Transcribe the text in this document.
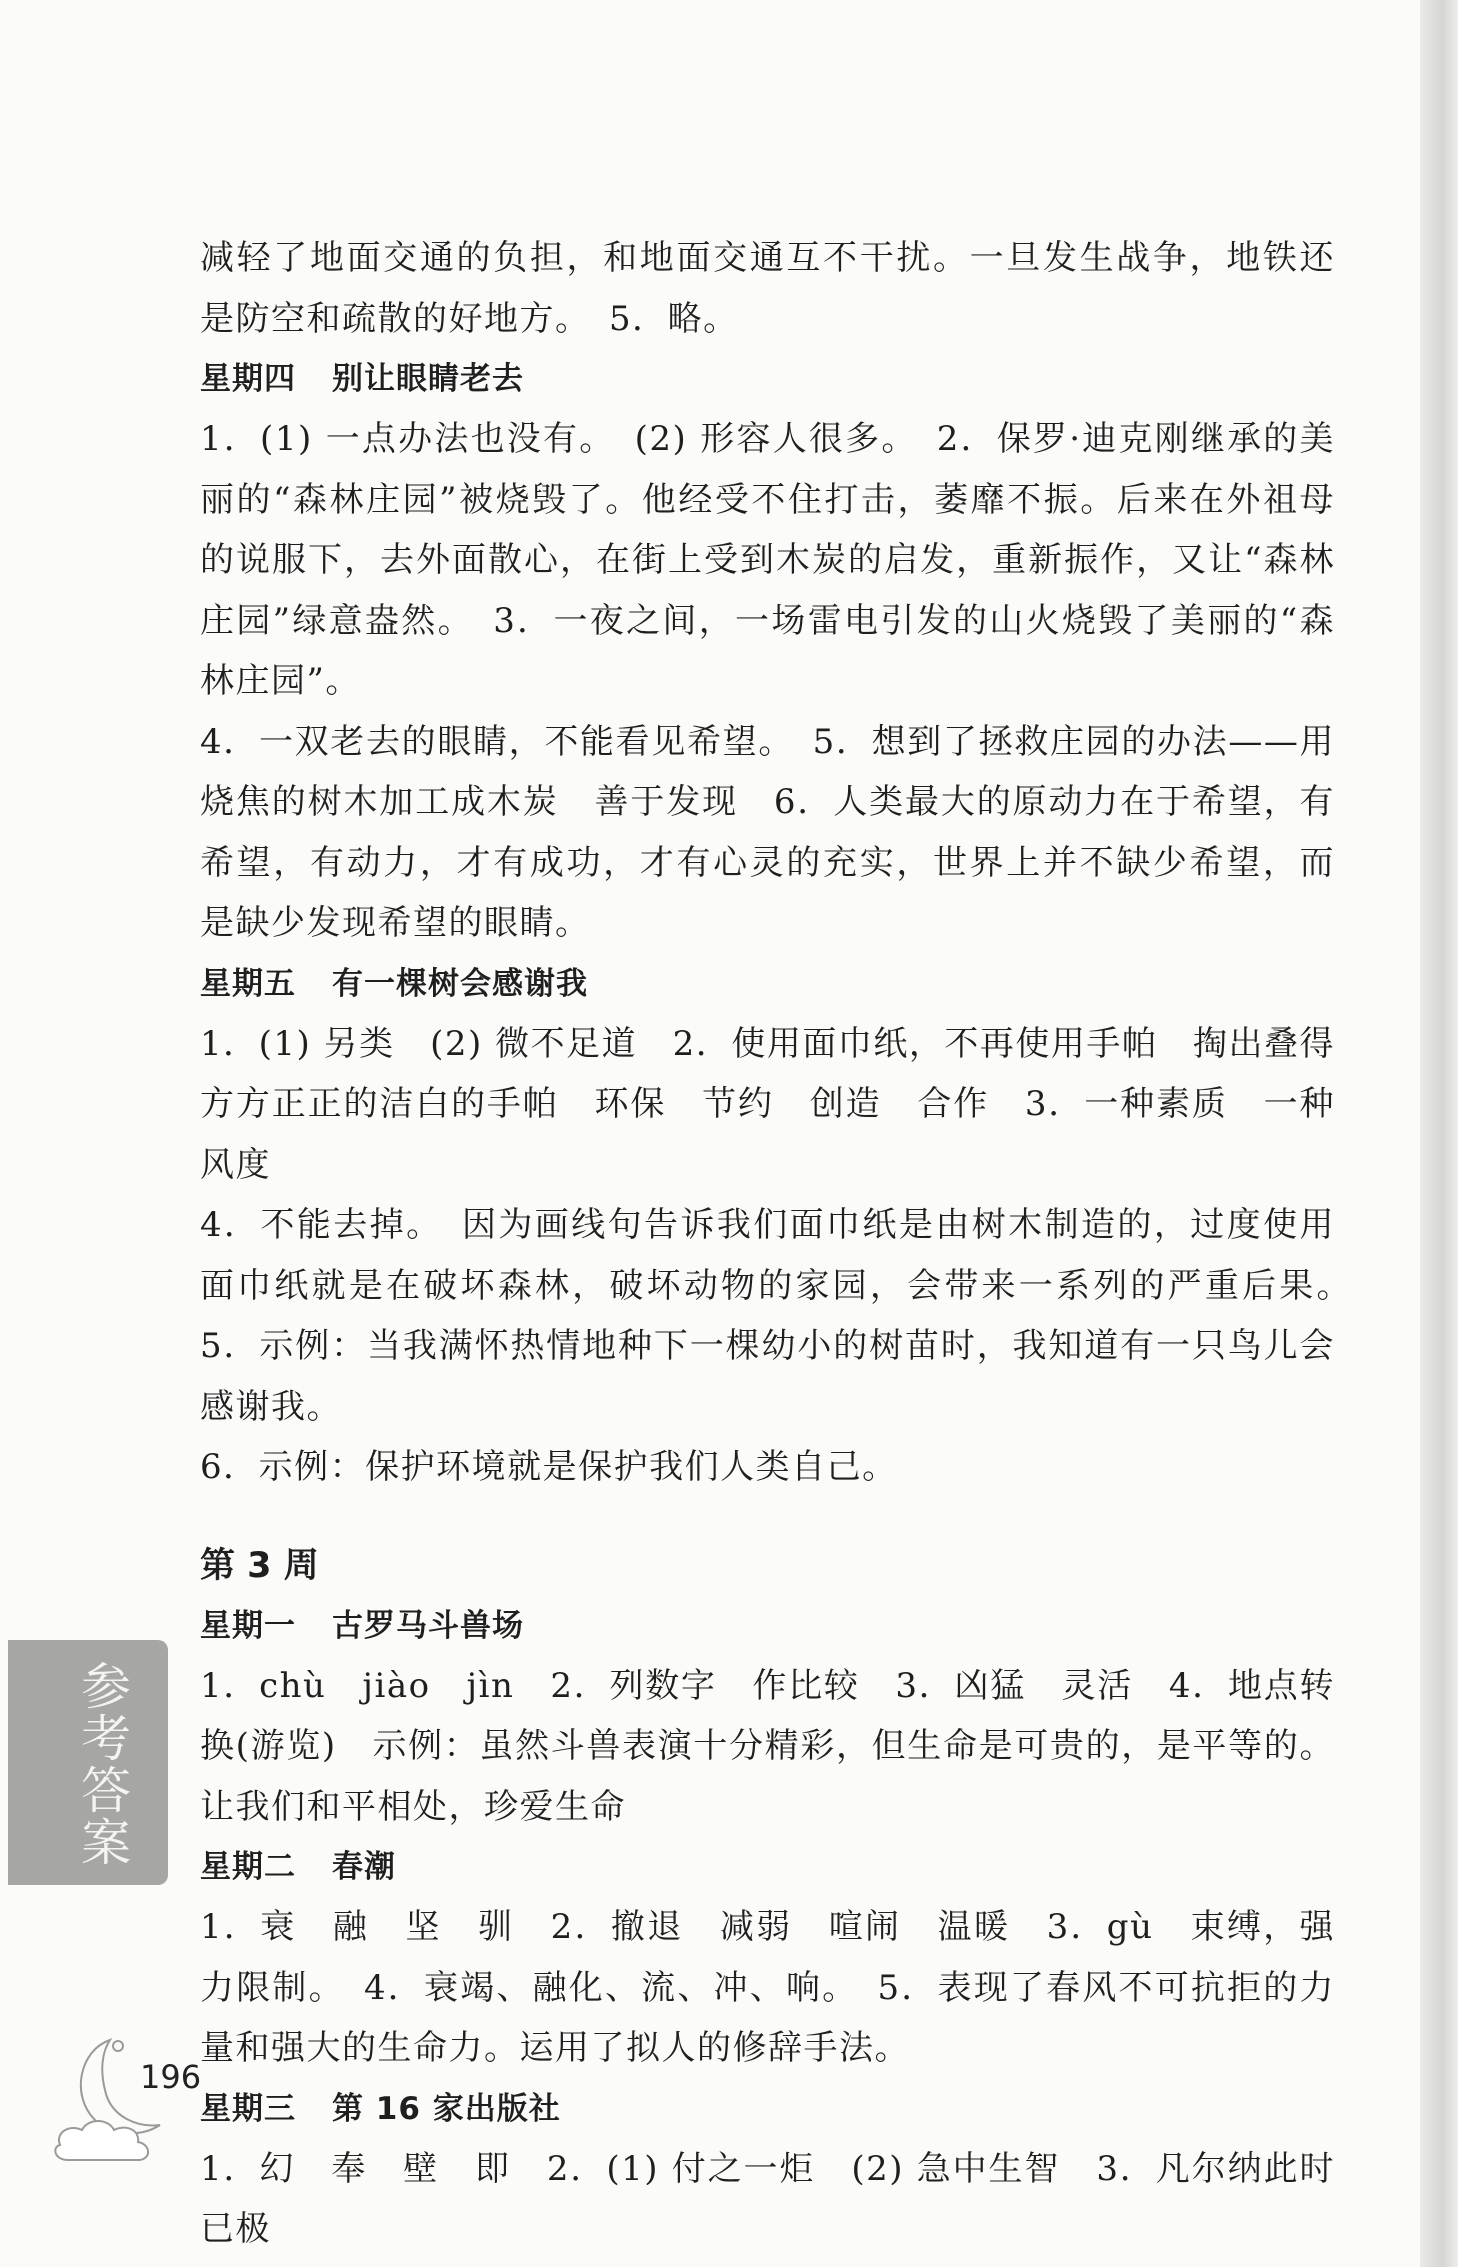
减轻了地面交通的负担，和地面交通互不干扰。一旦发生战争，地铁还是防空和疏散的好地方。　5．略。

星期四 别让眼睛老去

1．(1) 一点办法也没有。　(2) 形容人很多。　2．保罗·迪克刚继承的美丽的“森林庄园”被烧毁了。他经受不住打击，萎靡不振。后来在外祖母的说服下，去外面散心，在街上受到木炭的启发，重新振作，又让“森林庄园”绿意盎然。　3．一夜之间，一场雷电引发的山火烧毁了美丽的“森林庄园”。

4．一双老去的眼睛，不能看见希望。　5．想到了拯救庄园的办法——用烧焦的树木加工成木炭　善于发现　6．人类最大的原动力在于希望，有希望，有动力，才有成功，才有心灵的充实，世界上并不缺少希望，而是缺少发现希望的眼睛。

星期五 有一棵树会感谢我

1．(1) 另类　(2) 微不足道　2．使用面巾纸，不再使用手帕　掏出叠得方方正正的洁白的手帕　环保　节约　创造　合作　3．一种素质　一种风度

4．不能去掉。　因为画线句告诉我们面巾纸是由树木制造的，过度使用面巾纸就是在破坏森林，破坏动物的家园，会带来一系列的严重后果。　5．示例：当我满怀热情地种下一棵幼小的树苗时，我知道有一只鸟儿会感谢我。

6．示例：保护环境就是保护我们人类自己。

第 3 周
星期一 古罗马斗兽场

1．chù　jiào　jìn　2．列数字　作比较　3．凶猛　灵活　4．地点转换(游览)　示例：虽然斗兽表演十分精彩，但生命是可贵的，是平等的。让我们和平相处，珍爱生命

星期二 春潮

1．衰　融　坚　驯　2．撤退　减弱　喧闹　温暖　3．gù　束缚，强力限制。　4．衰竭、融化、流、冲、响。　5．表现了春风不可抗拒的力量和强大的生命力。运用了拟人的修辞手法。

星期三 第 16 家出版社

1．幻　奉　壁　即　2．(1) 付之一炬　(2) 急中生智　3．凡尔纳此时已极

参考答案
196
